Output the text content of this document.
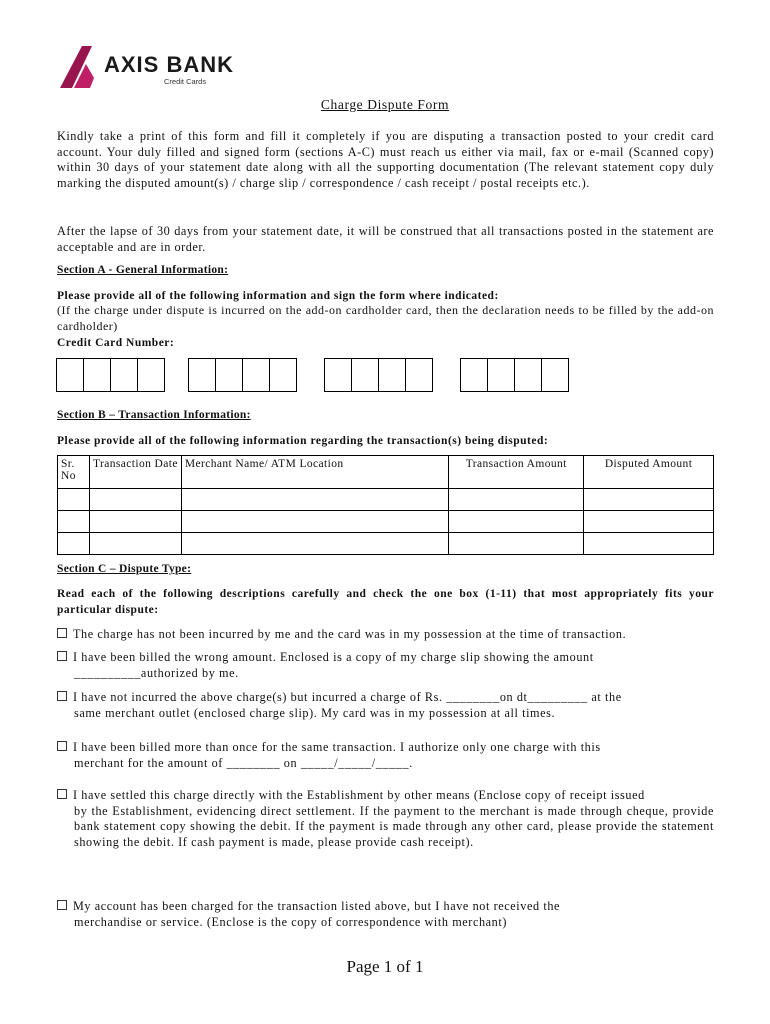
AXIS BANK
Credit Cards
Charge Dispute Form
Kindly take a print of this form and fill it completely if you are disputing a transaction posted to your credit card account. Your duly filled and signed form (sections A-C) must reach us either via mail, fax or e-mail (Scanned copy) within 30 days of your statement date along with all the supporting documentation (The relevant statement copy duly marking the disputed amount(s) / charge slip / correspondence / cash receipt / postal receipts etc.).
After the lapse of 30 days from your statement date, it will be construed that all transactions posted in the statement are acceptable and are in order.
Section A - General Information:
Please provide all of the following information and sign the form where indicated:
(If the charge under dispute is incurred on the add-on cardholder card, then the declaration needs to be filled by the add-on cardholder)
Credit Card Number:
Section B – Transaction Information:
Please provide all of the following information regarding the transaction(s) being disputed:
Sr. No	Transaction Date	Merchant Name/ ATM Location	Transaction Amount	Disputed Amount

Section C – Dispute Type:
Read each of the following descriptions carefully and check the one box (1-11) that most appropriately fits your particular dispute:
The charge has not been incurred by me and the card was in my possession at the time of transaction.
I have been billed the wrong amount. Enclosed is a copy of my charge slip showing the amount
__________authorized by me.
I have not incurred the above charge(s) but incurred a charge of Rs. ________on dt_________ at the
same merchant outlet (enclosed charge slip). My card was in my possession at all times.
I have been billed more than once for the same transaction. I authorize only one charge with this
merchant for the amount of ________ on _____/_____/_____.
I have settled this charge directly with the Establishment by other means (Enclose copy of receipt issued
by the Establishment, evidencing direct settlement. If the payment to the merchant is made through cheque, provide bank statement copy showing the debit. If the payment is made through any other card, please provide the statement showing the debit. If cash payment is made, please provide cash receipt).
My account has been charged for the transaction listed above, but I have not received the
merchandise or service. (Enclose is the copy of correspondence with merchant)
Page 1 of 1
